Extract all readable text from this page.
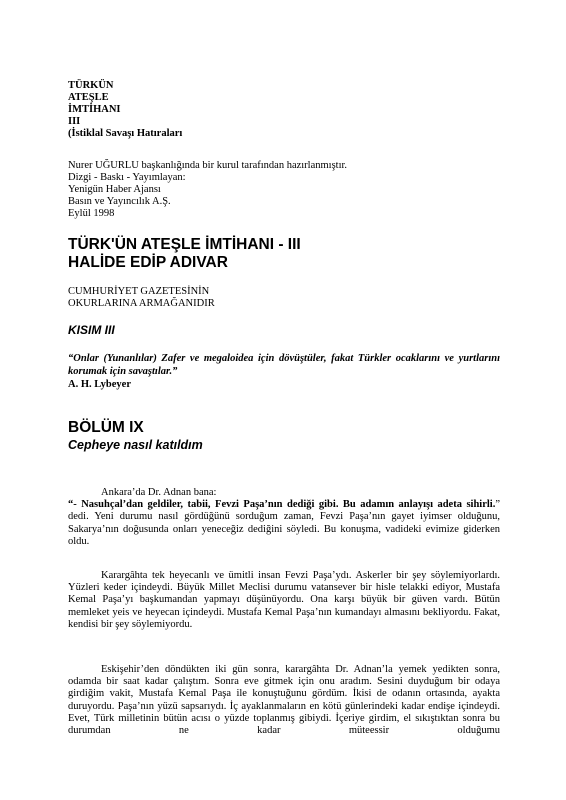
TÜRKÜN
ATEŞLE
İMTİHANI
III
(İstiklal Savaşı Hatıraları
Nurer UĞURLU başkanlığında bir kurul tarafından hazırlanmıştır.
Dizgi - Baskı - Yayımlayan:
Yenigün Haber Ajansı
Basın ve Yayıncılık A.Ş.
Eylül 1998
TÜRK'ÜN ATEŞLE İMTİHANI - III
HALİDE EDİP ADIVAR
CUMHURİYET GAZETESİNİN
OKURLARINA ARMAĞANIDIR
KISIM III
“Onlar (Yunanlılar) Zafer ve megaloidea için dövüştüler, fakat Türkler ocaklarını ve yurtlarını korumak için savaştılar.”
A. H. Lybeyer
BÖLÜM IX
Cepheye nasıl katıldım
Ankara’da Dr. Adnan bana:

“- Nasuhçal’dan geldiler, tabii, Fevzi Paşa’nın dediği gibi. Bu adamın anlayışı adeta sihirli.” dedi. Yeni durumu nasıl gördüğünü sorduğum zaman, Fevzi Paşa’nın gayet iyimser olduğunu, Sakarya’nın doğusunda onları yeneceğiz dediğini söyledi. Bu konuşma, vadideki evimize giderken oldu.

Karargâhta tek heyecanlı ve ümitli insan Fevzi Paşa’ydı. Askerler bir şey söylemiyorlardı. Yüzleri keder içindeydi. Büyük Millet Meclisi durumu vatansever bir hisle telakki ediyor, Mustafa Kemal Paşa’yı başkumandan yapmayı düşünüyordu. Ona karşı büyük bir güven vardı. Bütün memleket yeis ve heyecan içindeydi. Mustafa Kemal Paşa’nın kumandayı almasını bekliyordu. Fakat, kendisi bir şey söylemiyordu.
Eskişehir’den döndükten iki gün sonra, karargâhta Dr. Adnan’la yemek yedikten sonra, odamda bir saat kadar çalıştım. Sonra eve gitmek için onu aradım. Sesini duyduğum bir odaya girdiğim vakit, Mustafa Kemal Paşa ile konuştuğunu gördüm. İkisi de odanın ortasında, ayakta duruyordu. Paşa’nın yüzü sapsarıydı. İç ayaklanmaların en kötü günlerindeki kadar endişe içindeydi. Evet, Türk milletinin bütün acısı o yüzde toplanmış gibiydi. İçeriye girdim, el sıkıştıktan sonra bu durumdan ne kadar müteessir olduğumu
